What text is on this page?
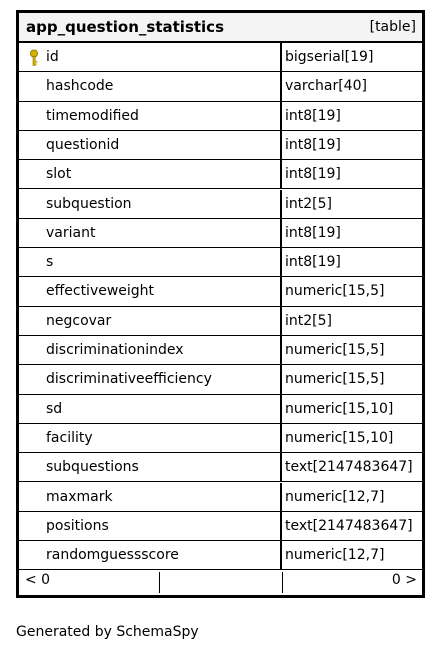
app_question_statistics	[table]
id	bigserial[19]
hashcode	varchar[40]
timemodified	int8[19]
questionid	int8[19]
slot	int8[19]
subquestion	int2[5]
variant	int8[19]
s	int8[19]
effectiveweight	numeric[15,5]
negcovar	int2[5]
discriminationindex	numeric[15,5]
discriminativeefficiency	numeric[15,5]
sd	numeric[15,10]
facility	numeric[15,10]
subquestions	text[2147483647]
maxmark	numeric[12,7]
positions	text[2147483647]
randomguessscore	numeric[12,7]
< 0	0 >
Generated by SchemaSpy
